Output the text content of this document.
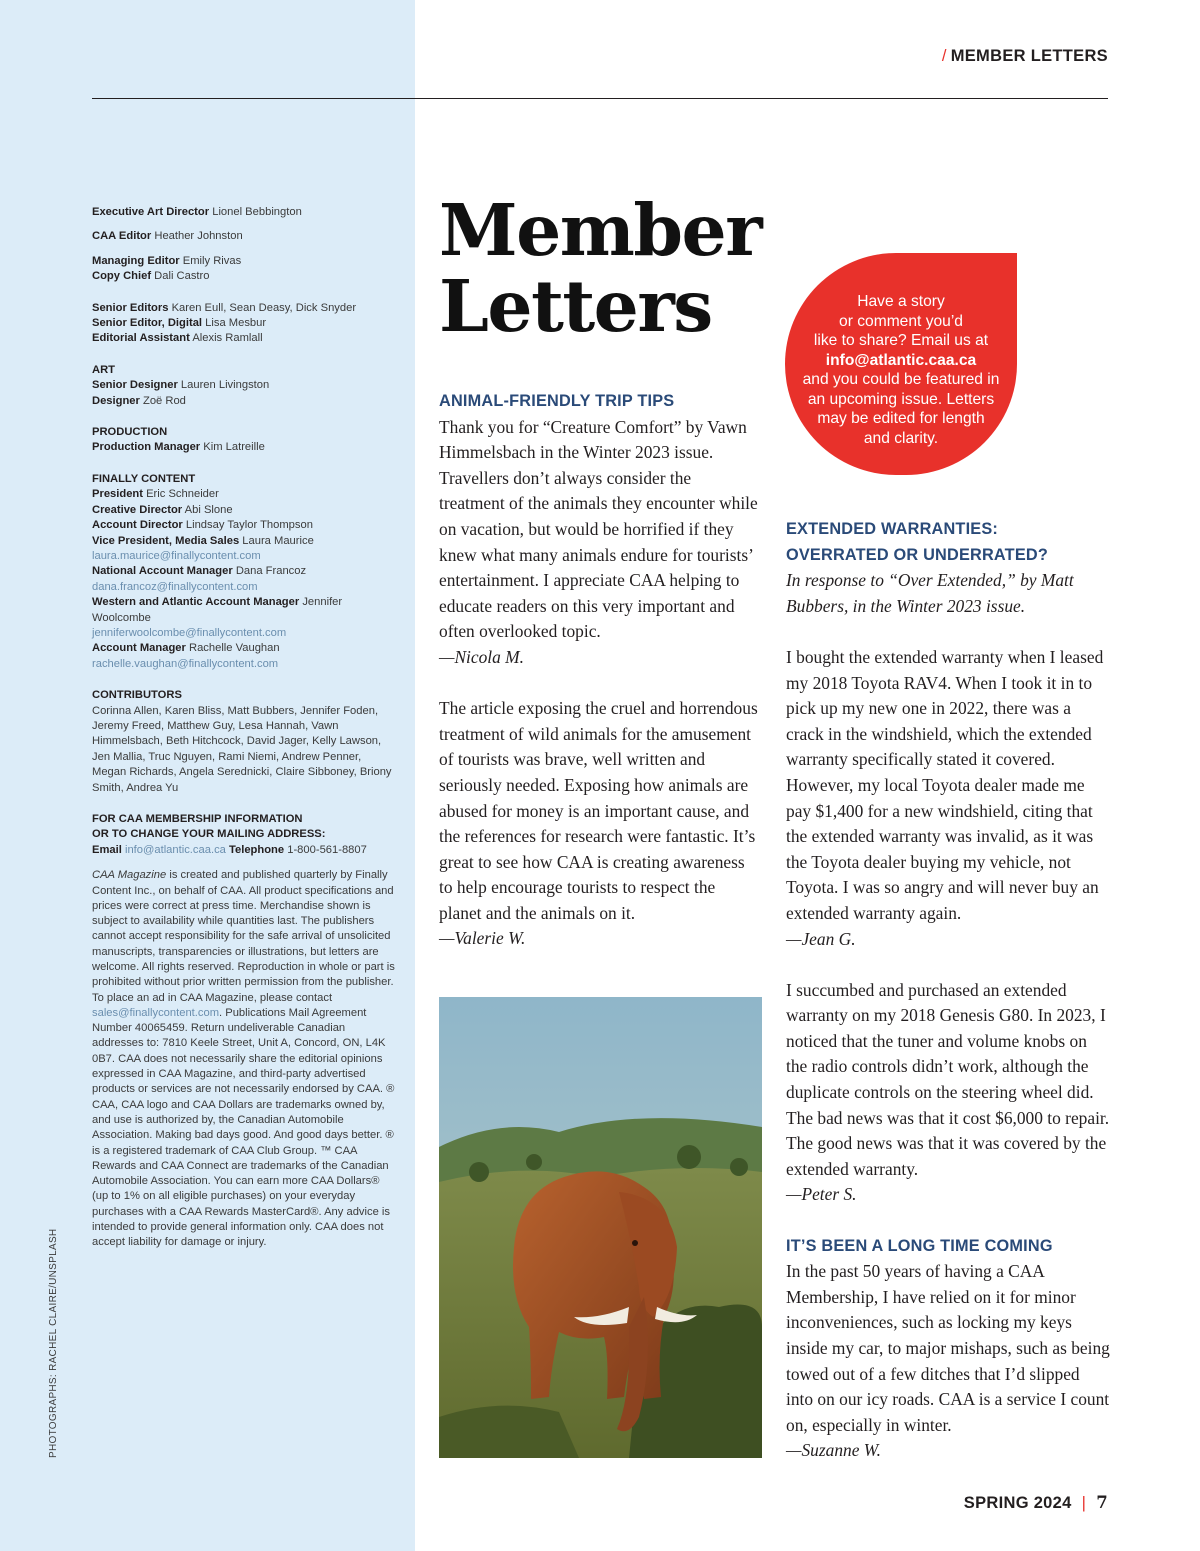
Executive Art Director Lionel Bebbington
CAA Editor Heather Johnston
Managing Editor Emily Rivas
Copy Chief Dali Castro
Senior Editors Karen Eull, Sean Deasy, Dick Snyder
Senior Editor, Digital Lisa Mesbur
Editorial Assistant Alexis Ramlall
ART
Senior Designer Lauren Livingston
Designer Zoë Rod
PRODUCTION
Production Manager Kim Latreille
FINALLY CONTENT
President Eric Schneider
Creative Director Abi Slone
Account Director Lindsay Taylor Thompson
Vice President, Media Sales Laura Maurice
laura.maurice@finallycontent.com
National Account Manager Dana Francoz
dana.francoz@finallycontent.com
Western and Atlantic Account Manager Jennifer Woolcombe
jenniferwoolcombe@finallycontent.com
Account Manager Rachelle Vaughan
rachelle.vaughan@finallycontent.com
CONTRIBUTORS
Corinna Allen, Karen Bliss, Matt Bubbers, Jennifer Foden, Jeremy Freed, Matthew Guy, Lesa Hannah, Vawn Himmelsbach, Beth Hitchcock, David Jager, Kelly Lawson, Jen Mallia, Truc Nguyen, Rami Niemi, Andrew Penner, Megan Richards, Angela Serednicki, Claire Sibboney, Briony Smith, Andrea Yu
FOR CAA MEMBERSHIP INFORMATION
OR TO CHANGE YOUR MAILING ADDRESS:
Email info@atlantic.caa.ca Telephone 1-800-561-8807
CAA Magazine is created and published quarterly by Finally Content Inc., on behalf of CAA. All product specifications and prices were correct at press time. Merchandise shown is subject to availability while quantities last. The publishers cannot accept responsibility for the safe arrival of unsolicited manuscripts, transparencies or illustrations, but letters are welcome. All rights reserved. Reproduction in whole or part is prohibited without prior written permission from the publisher. To place an ad in CAA Magazine, please contact sales@finallycontent.com. Publications Mail Agreement Number 40065459. Return undeliverable Canadian addresses to: 7810 Keele Street, Unit A, Concord, ON, L4K 0B7. CAA does not necessarily share the editorial opinions expressed in CAA Magazine, and third-party advertised products or services are not necessarily endorsed by CAA. ® CAA, CAA logo and CAA Dollars are trademarks owned by, and use is authorized by, the Canadian Automobile Association. Making bad days good. And good days better. ® is a registered trademark of CAA Club Group. ™ CAA Rewards and CAA Connect are trademarks of the Canadian Automobile Association. You can earn more CAA Dollars® (up to 1% on all eligible purchases) on your everyday purchases with a CAA Rewards MasterCard®. Any advice is intended to provide general information only. CAA does not accept liability for damage or injury.
PHOTOGRAPHS: RACHEL CLAIRE/UNSPLASH
/ MEMBER LETTERS
Member
Letters	Have a story
or comment you’d
like to share? Email us at
info@atlantic.caa.ca
and you could be featured in
an upcoming issue. Letters
may be edited for length
and clarity.
ANIMAL-FRIENDLY TRIP TIPS

Thank you for “Creature Comfort” by Vawn Himmelsbach in the Winter 2023 issue. Travellers don’t always consider the treatment of the animals they encounter while on vacation, but would be horrified if they knew what many animals endure for tourists’ entertainment. I appreciate CAA helping to educate readers on this very important and often overlooked topic.

—Nicola M.

The article exposing the cruel and horrendous treatment of wild animals for the amusement of tourists was brave, well written and seriously needed. Exposing how animals are abused for money is an important cause, and the references for research were fantastic. It’s great to see how CAA is creating awareness to help encourage tourists to respect the planet and the animals on it.

—Valerie W.

EXTENDED WARRANTIES:
OVERRATED OR UNDERRATED?

In response to “Over Extended,” by Matt Bubbers, in the Winter 2023 issue.

I bought the extended warranty when I leased my 2018 Toyota RAV4. When I took it in to pick up my new one in 2022, there was a crack in the windshield, which the extended warranty specifically stated it covered. However, my local Toyota dealer made me pay $1,400 for a new windshield, citing that the extended warranty was invalid, as it was the Toyota dealer buying my vehicle, not Toyota. I was so angry and will never buy an extended warranty again.

—Jean G.

I succumbed and purchased an extended warranty on my 2018 Genesis G80. In 2023, I noticed that the tuner and volume knobs on the radio controls didn’t work, although the duplicate controls on the steering wheel did. The bad news was that it cost $6,000 to repair. The good news was that it was covered by the extended warranty.

—Peter S.

IT’S BEEN A LONG TIME COMING

In the past 50 years of having a CAA Membership, I have relied on it for minor inconveniences, such as locking my keys inside my car, to major mishaps, such as being towed out of a few ditches that I’d slipped into on our icy roads. CAA is a service I count on, especially in winter.

—Suzanne W.

SPRING 2024 | 7
